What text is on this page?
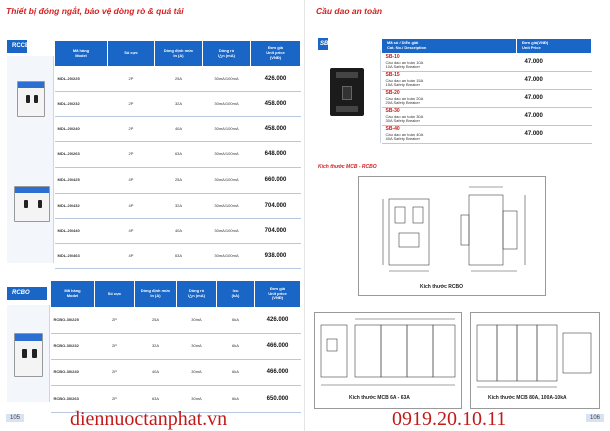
Thiết bị đóng ngắt, bảo vệ dòng rò & quá tải
RCCB
Mã hàng
Model	Số cực	Dòng định mức
In (A)	Dòng rò
I△n (mA)	Đơn giá
Unit price
(VNĐ)
MDL-20/225	2P	25A	30mA/100mA	426.000
MDL-20/232	2P	32A	30mA/100mA	458.000
MDL-20/240	2P	40A	30mA/100mA	458.000
MDL-20/263	2P	63A	30mA/100mA	648.000
MDL-20/425	4P	25A	30mA/100mA	660.000
MDL-20/432	4P	32A	30mA/100mA	704.000
MDL-20/440	4P	40A	30mA/100mA	704.000
MDL-20/463	4P	63A	30mA/100mA	938.000
RCBO	Mã hàng
Model	Số cực	Dòng định mức
In (A)	Dòng rò
I△n (mA)	Icu
(kA)	Đơn giá
Unit price
(VNĐ)
RCBO-30/225	2P	25A	30mA	6kA	426.000
RCBO-30/232	2P	32A	30mA	6kA	466.000
RCBO-30/240	2P	40A	30mA	6kA	466.000
RCBO-30/263	2P	63A	30mA	6kA	650.000
105 diennuoctanphat.vn
Cầu dao an toàn
SB	Mã số / Diễn giải
Cat. No./ Description	Đơn giá(VNĐ)
Unit Price

SB-10
Cầu dao an toàn 10A
10A Safety Breaker	47.000

SB-15
Cầu dao an toàn 15A
15A Safety Breaker	47.000

SB-20
Cầu dao an toàn 20A
20A Safety Breaker	47.000

SB-30
Cầu dao an toàn 30A
30A Safety Breaker	47.000

SB-40
Cầu dao an toàn 40A
40A Safety Breaker	47.000
Kích thước MCB - RCBO
Kích thước RCBO
Kích thước MCB 6A - 63A	Kích thước MCB 80A, 100A-10kA
106
0919.20.10.11
